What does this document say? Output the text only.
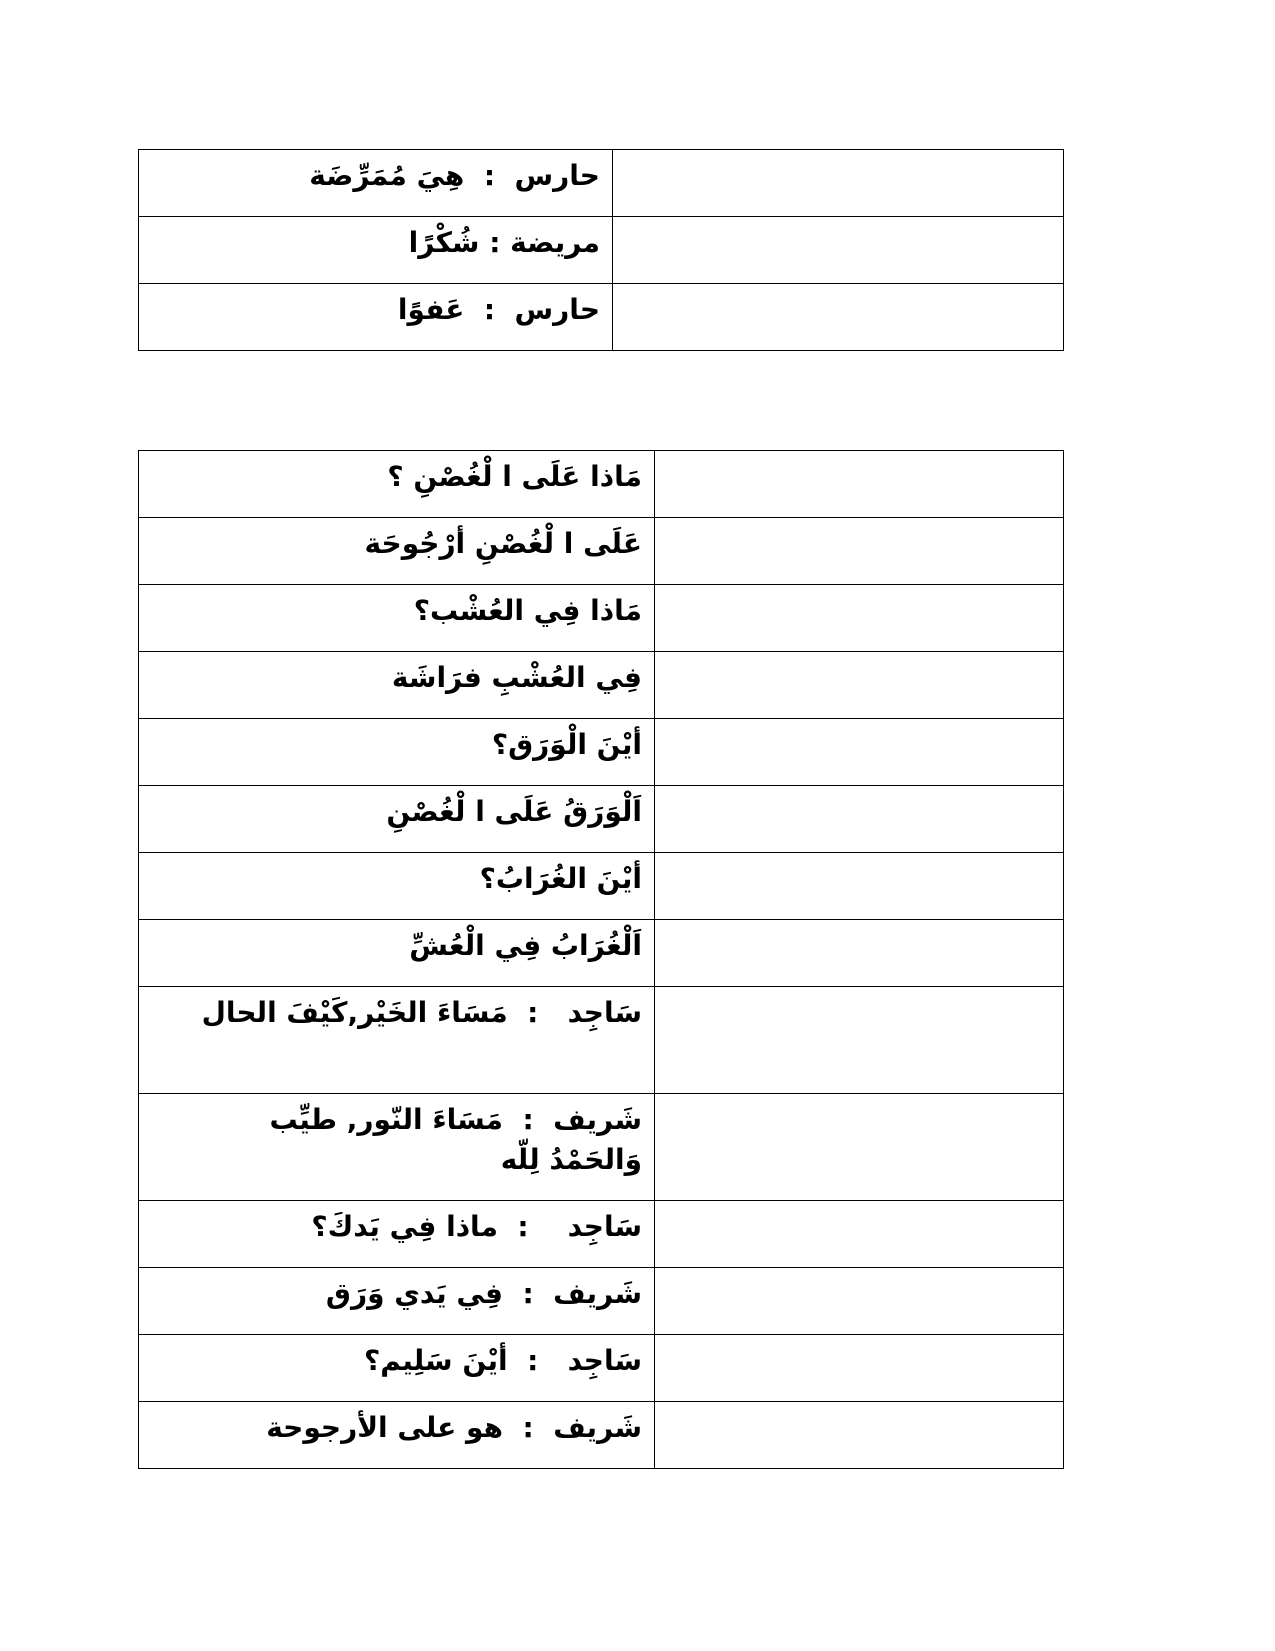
حارس  :  هِيَ مُمَرِّضَة	
مريضة : شُكْرًا	
حارس  :  عَفوًا	
مَاذا عَلَى ا لْغُصْنِ ؟	
عَلَى ا لْغُصْنِ أرْجُوحَة	
مَاذا فِي العُشْب؟	
فِي العُشْبِ فرَاشَة	
أيْنَ الْوَرَق؟	
اَلْوَرَقُ عَلَى ا لْغُصْنِ	
أيْنَ الغُرَابُ؟	
اَلْغُرَابُ فِي الْعُشِّ	
سَاجِد   :  مَسَاءَ الخَيْر,كَيْفَ الحال	
شَريف  :  مَسَاءَ النّور, طيِّب
وَالحَمْدُ لِلّه	
سَاجِد    :  ماذا فِي يَدكَ؟	
شَريف  :  فِي يَدي وَرَق	
سَاجِد   :  أيْنَ سَلِيم؟	
شَريف  :  هو على الأرجوحة	
